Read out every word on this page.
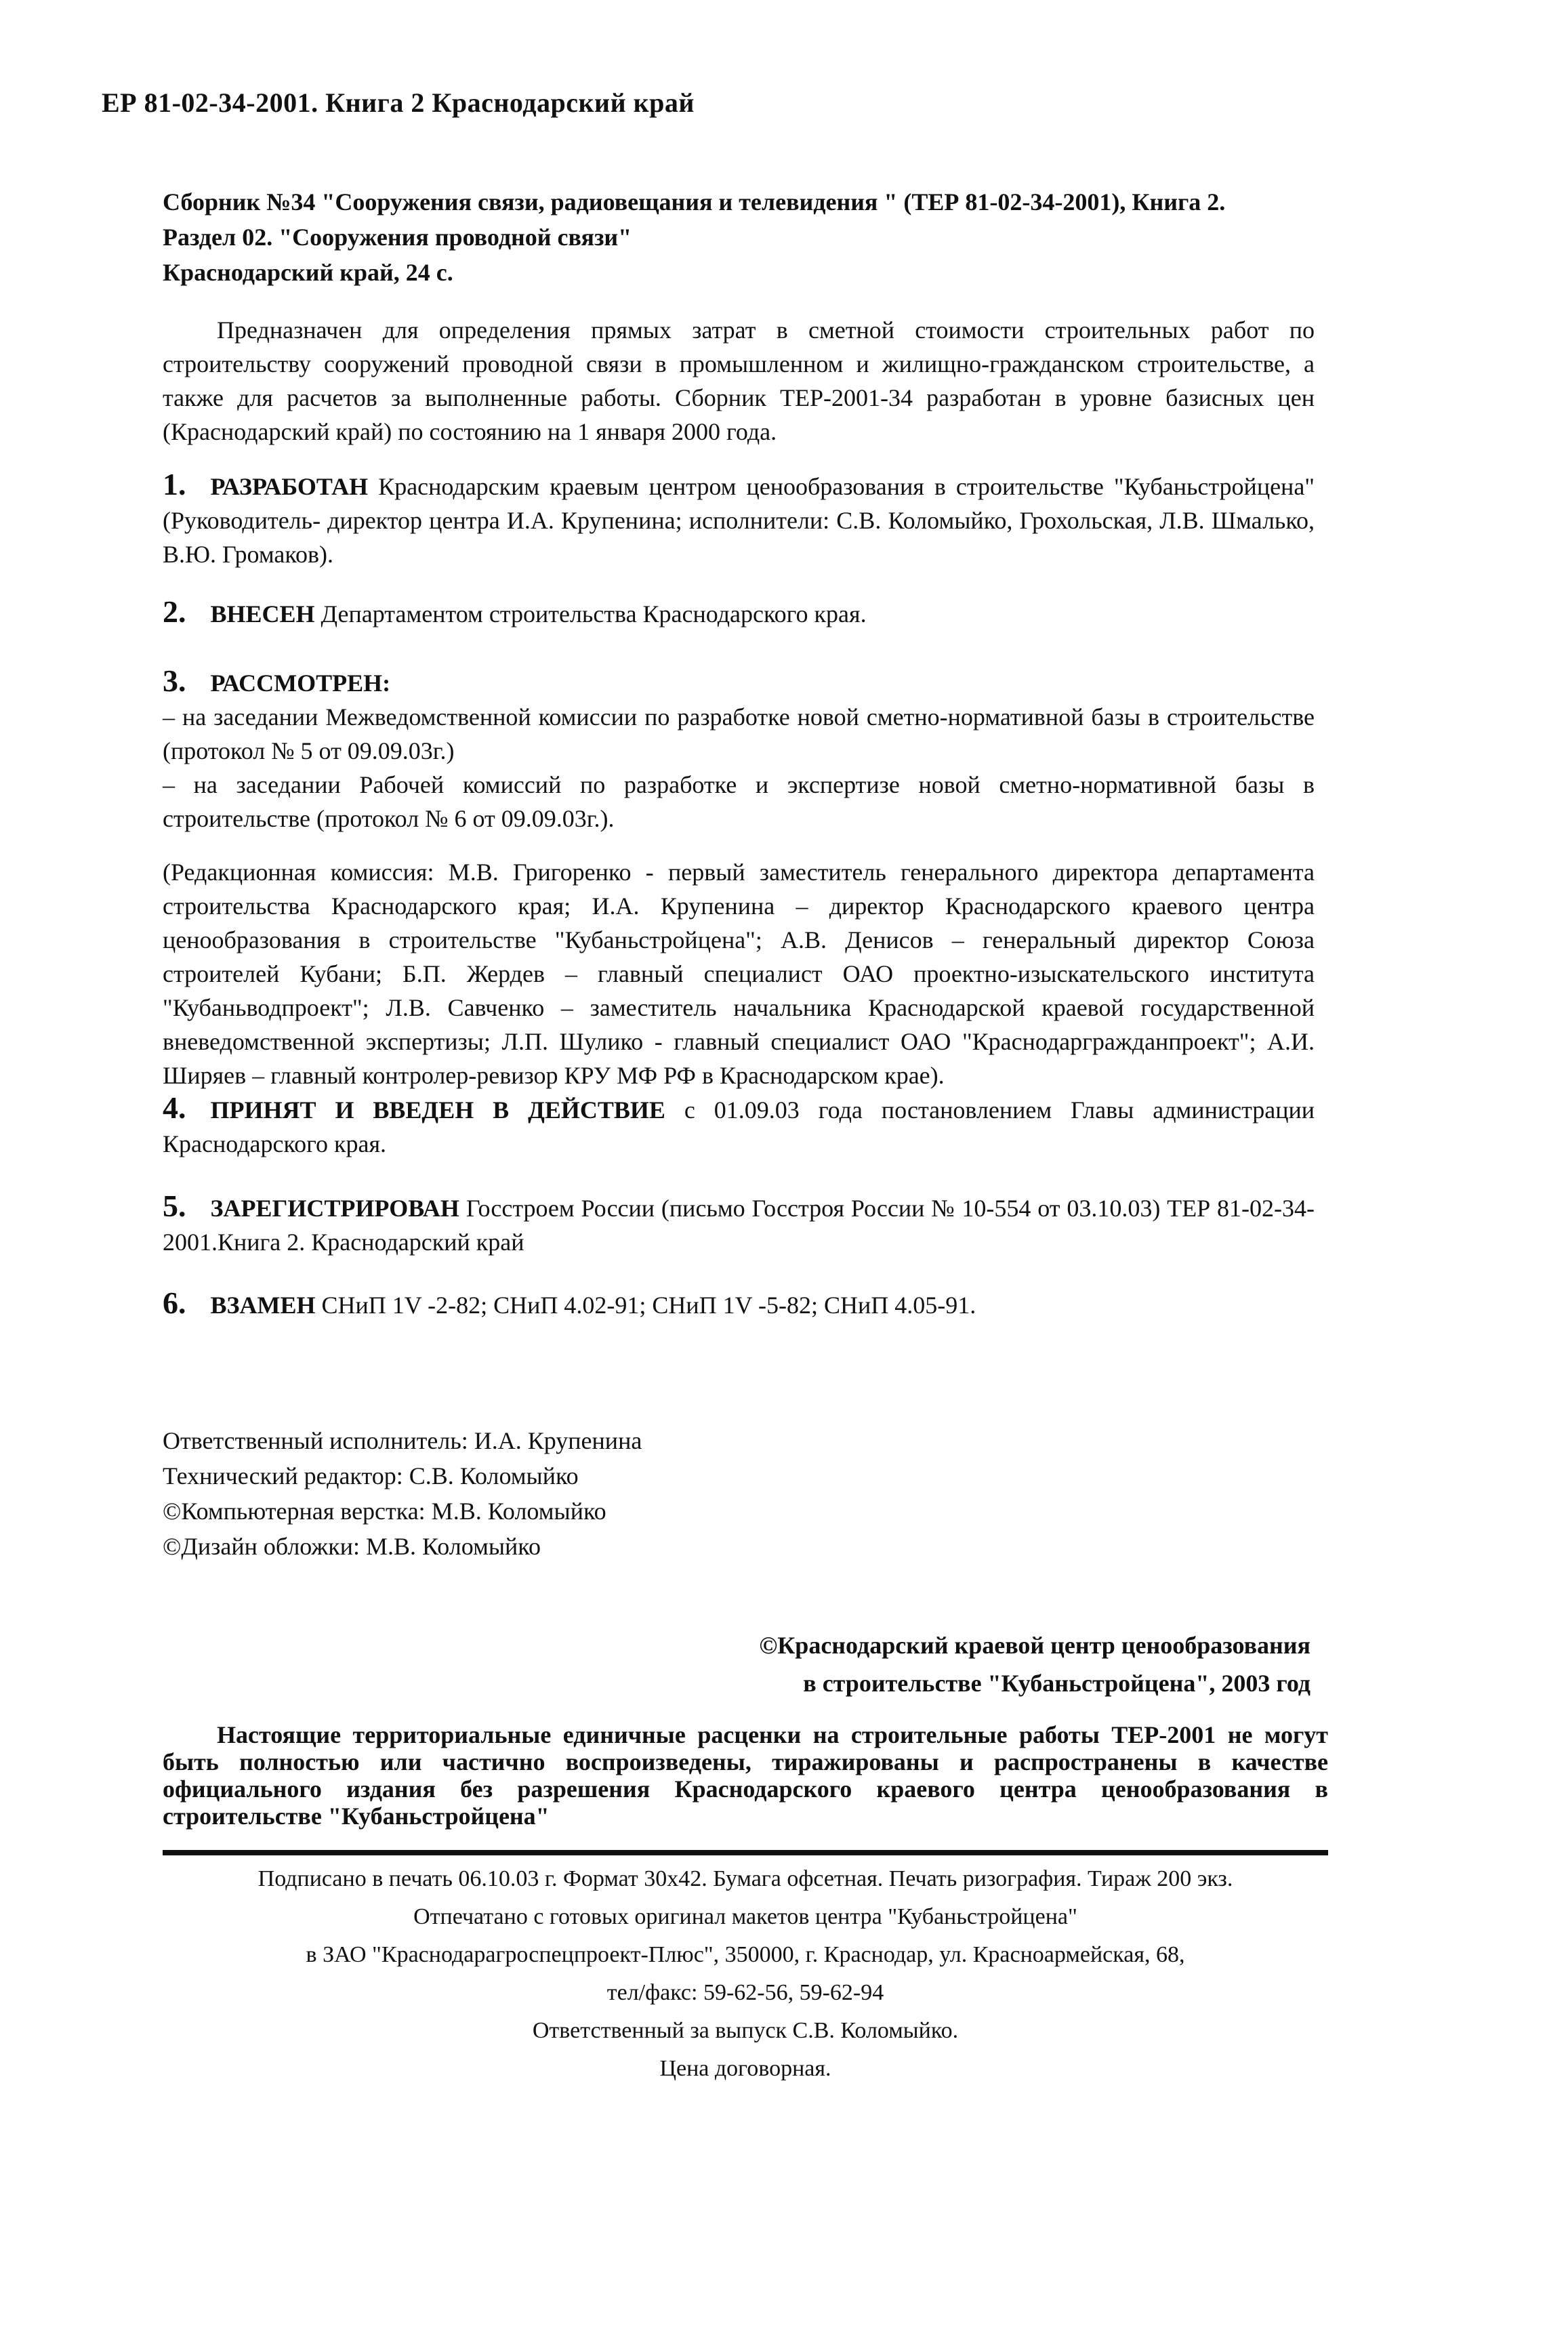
ЕР 81-02-34-2001. Книга 2 Краснодарский край
Сборник №34 "Сооружения связи, радиовещания и телевидения " (ТЕР 81-02-34-2001), Книга 2.
Раздел 02. "Сооружения проводной связи"
Краснодарский край, 24 с.
Предназначен для определения прямых затрат в сметной стоимости строительных работ по строительству сооружений проводной связи в промышленном и жилищно-гражданском строительстве, а также для расчетов за выполненные работы. Сборник ТЕР-2001-34 разработан в уровне базисных цен (Краснодарский край) по состоянию на 1 января 2000 года.
1. РАЗРАБОТАН Краснодарским краевым центром ценообразования в строительстве "Кубаньстройцена" (Руководитель- директор центра И.А. Крупенина; исполнители: С.В. Коломыйко, Грохольская, Л.В. Шмалько, В.Ю. Громаков).
2. ВНЕСЕН Департаментом строительства Краснодарского края.
3. РАССМОТРЕН:

– на заседании Межведомственной комиссии по разработке новой сметно-нормативной базы в строительстве (протокол № 5 от 09.09.03г.)

– на заседании Рабочей комиссий по разработке и экспертизе новой сметно-нормативной базы в строительстве (протокол № 6 от 09.09.03г.).

(Редакционная комиссия: М.В. Григоренко - первый заместитель генерального директора департамента строительства Краснодарского края; И.А. Крупенина – директор Краснодарского краевого центра ценообразования в строительстве "Кубаньстройцена"; А.В. Денисов – генеральный директор Союза строителей Кубани; Б.П. Жердев – главный специалист ОАО проектно-изыскательского института "Кубаньводпроект"; Л.В. Савченко – заместитель начальника Краснодарской краевой государственной вневедомственной экспертизы; Л.П. Шулико - главный специалист ОАО "Краснодаргражданпроект"; А.И. Ширяев – главный контролер-ревизор КРУ МФ РФ в Краснодарском крае).
4. ПРИНЯТ И ВВЕДЕН В ДЕЙСТВИЕ с 01.09.03 года постановлением Главы администрации Краснодарского края.
5. ЗАРЕГИСТРИРОВАН Госстроем России (письмо Госстроя России № 10-554 от 03.10.03) ТЕР 81-02-34-2001.Книга 2. Краснодарский край
6. ВЗАМЕН СНиП 1V -2-82; СНиП 4.02-91; СНиП 1V -5-82; СНиП 4.05-91.
Ответственный исполнитель: И.А. Крупенина
Технический редактор: С.В. Коломыйко
©Компьютерная верстка: М.В. Коломыйко
©Дизайн обложки: М.В. Коломыйко
©Краснодарский краевой центр ценообразования
в строительстве "Кубаньстройцена", 2003 год
Настоящие территориальные единичные расценки на строительные работы ТЕР-2001 не могут быть полностью или частично воспроизведены, тиражированы и распространены в качестве официального издания без разрешения Краснодарского краевого центра ценообразования в строительстве "Кубаньстройцена"
Подписано в печать 06.10.03 г. Формат 30х42. Бумага офсетная. Печать ризография. Тираж 200 экз.
Отпечатано с готовых оригинал макетов центра "Кубаньстройцена"
в ЗАО "Краснодарагроспецпроект-Плюс", 350000, г. Краснодар, ул. Красноармейская, 68,
тел/факс: 59-62-56, 59-62-94
Ответственный за выпуск С.В. Коломыйко.
Цена договорная.
